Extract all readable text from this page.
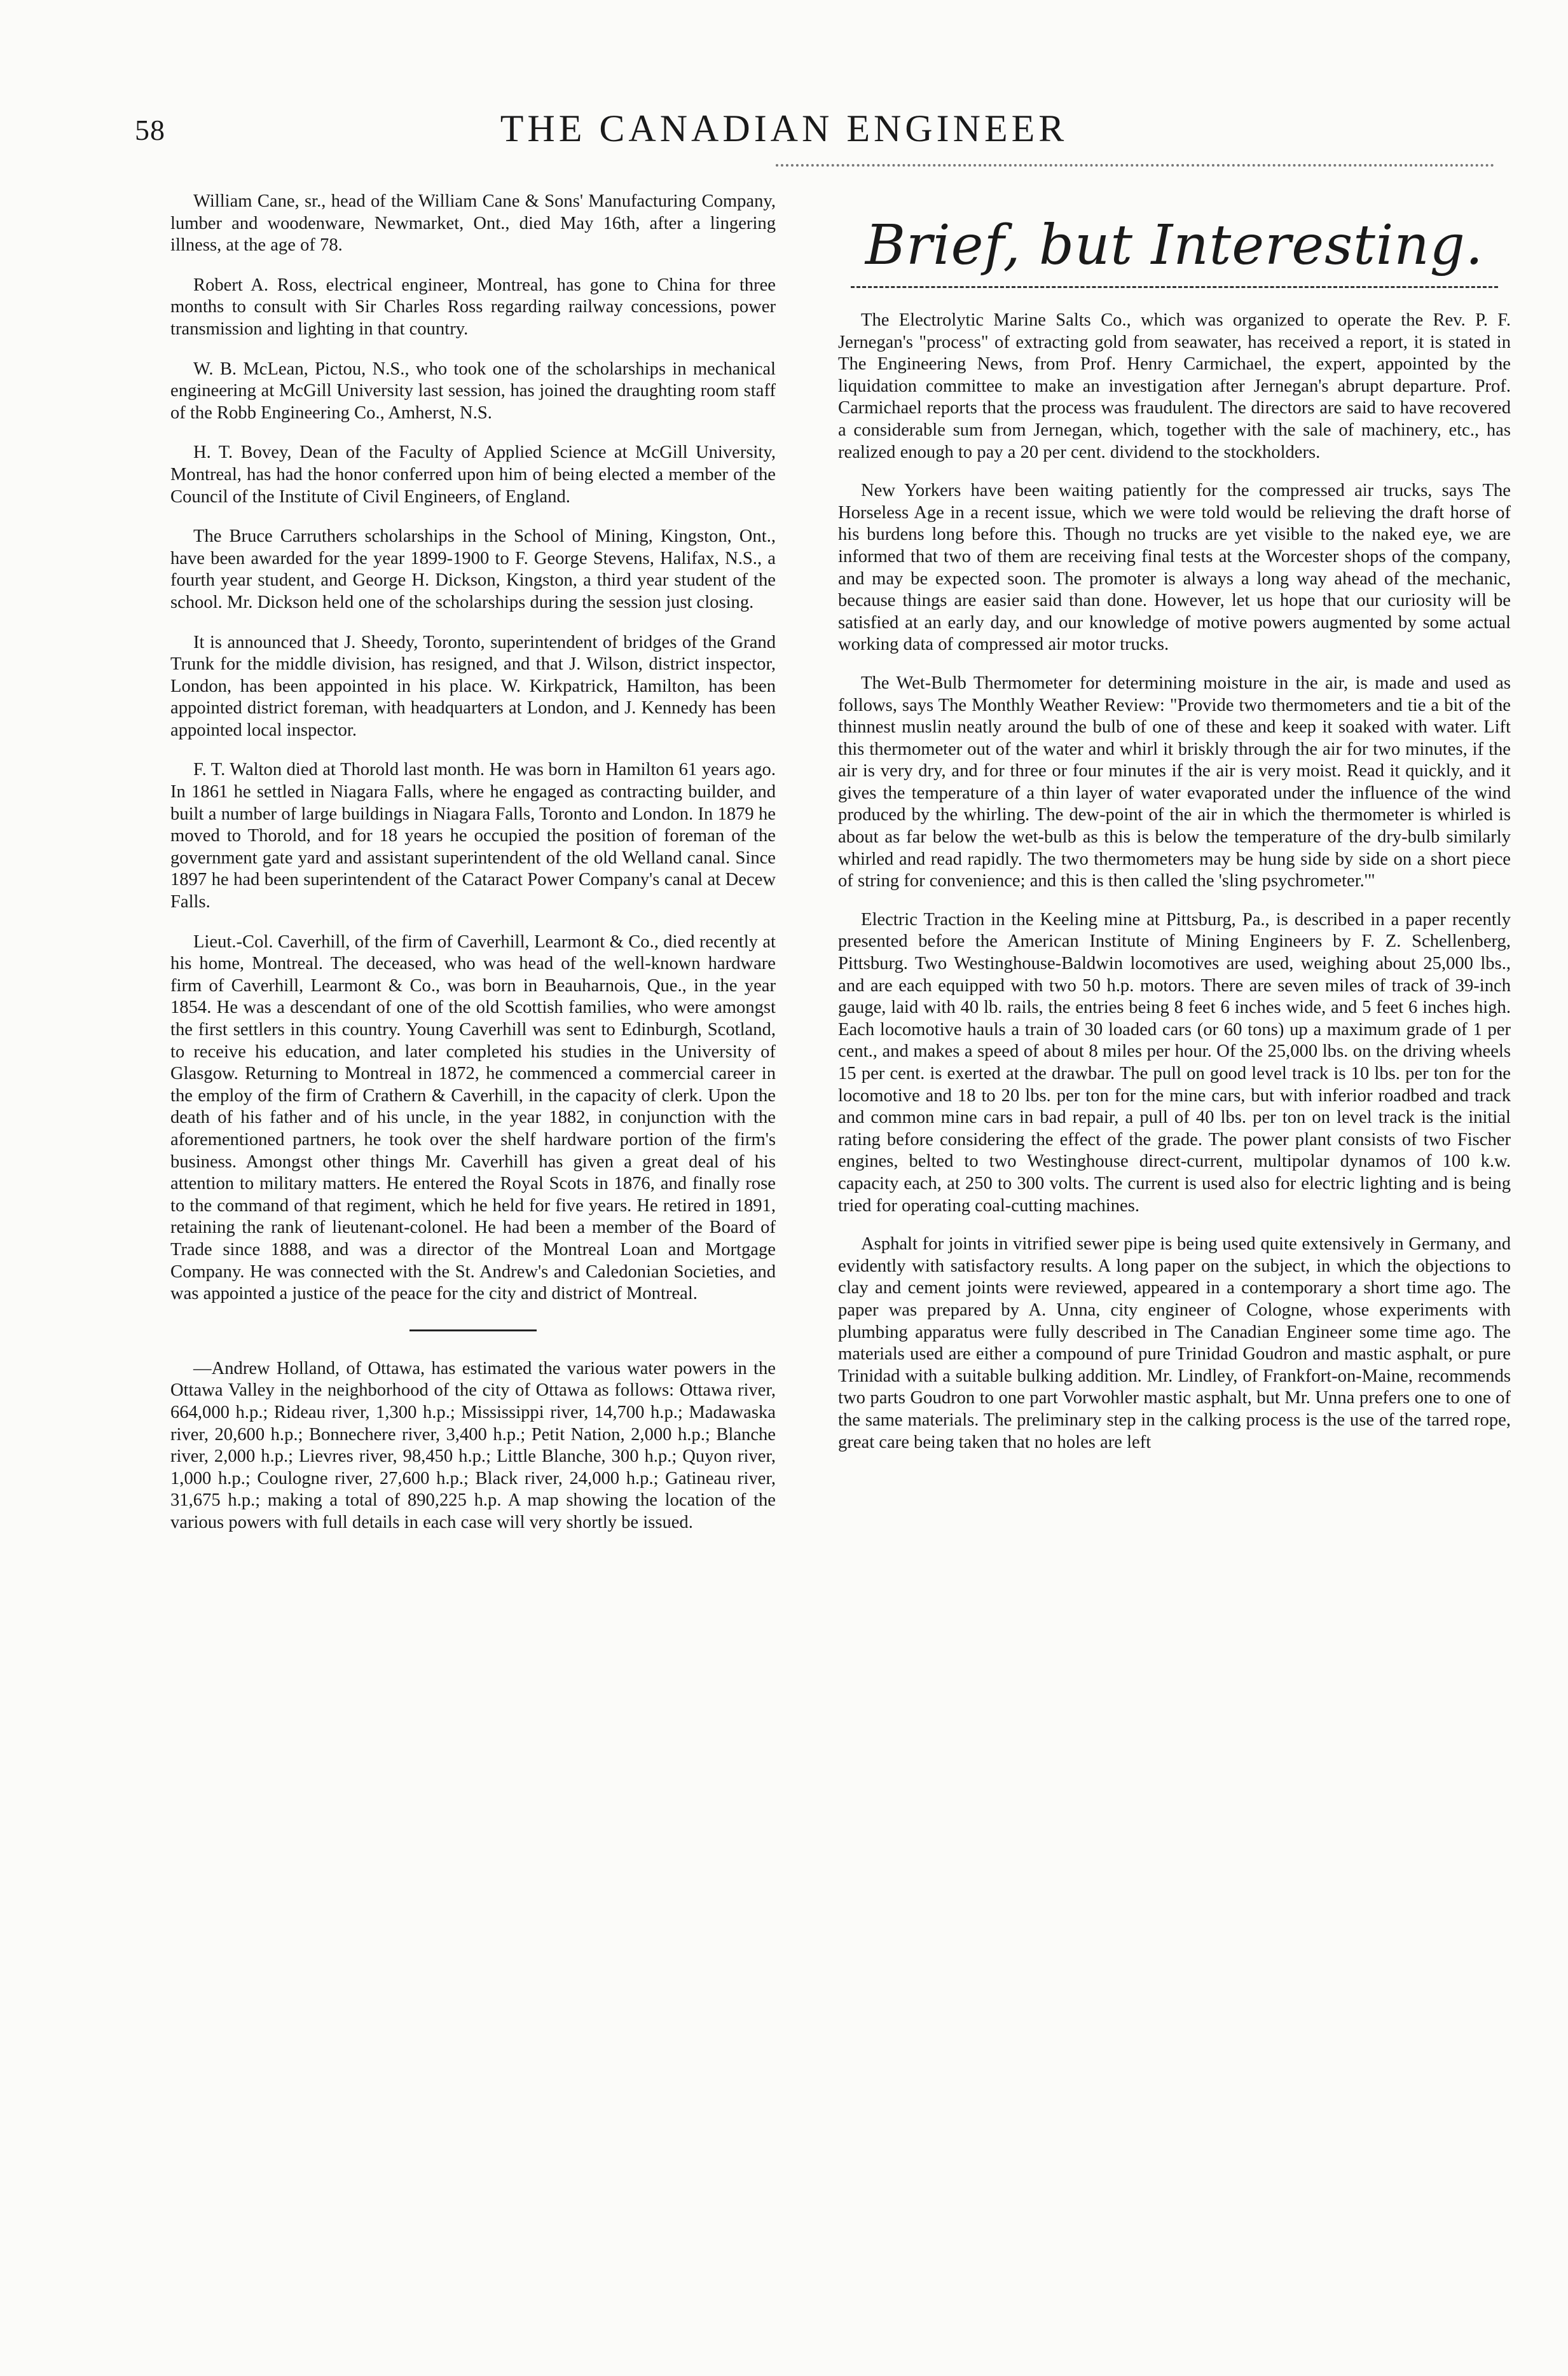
58	THE CANADIAN ENGINEER

William Cane, sr., head of the William Cane & Sons' Manufacturing Company, lumber and woodenware, Newmarket, Ont., died May 16th, after a lingering illness, at the age of 78.

Robert A. Ross, electrical engineer, Montreal, has gone to China for three months to consult with Sir Charles Ross regarding railway concessions, power transmission and lighting in that country.

W. B. McLean, Pictou, N.S., who took one of the scholarships in mechanical engineering at McGill University last session, has joined the draughting room staff of the Robb Engineering Co., Amherst, N.S.

H. T. Bovey, Dean of the Faculty of Applied Science at McGill University, Montreal, has had the honor conferred upon him of being elected a member of the Council of the Institute of Civil Engineers, of England.

The Bruce Carruthers scholarships in the School of Mining, Kingston, Ont., have been awarded for the year 1899-1900 to F. George Stevens, Halifax, N.S., a fourth year student, and George H. Dickson, Kingston, a third year student of the school. Mr. Dickson held one of the scholarships during the session just closing.

It is announced that J. Sheedy, Toronto, superintendent of bridges of the Grand Trunk for the middle division, has resigned, and that J. Wilson, district inspector, London, has been appointed in his place. W. Kirkpatrick, Hamilton, has been appointed district foreman, with headquarters at London, and J. Kennedy has been appointed local inspector.

F. T. Walton died at Thorold last month. He was born in Hamilton 61 years ago. In 1861 he settled in Niagara Falls, where he engaged as contracting builder, and built a number of large buildings in Niagara Falls, Toronto and London. In 1879 he moved to Thorold, and for 18 years he occupied the position of foreman of the government gate yard and assistant superintendent of the old Welland canal. Since 1897 he had been superintendent of the Cataract Power Company's canal at Decew Falls.

Lieut.-Col. Caverhill, of the firm of Caverhill, Learmont & Co., died recently at his home, Montreal. The deceased, who was head of the well-known hardware firm of Caverhill, Learmont & Co., was born in Beauharnois, Que., in the year 1854. He was a descendant of one of the old Scottish families, who were amongst the first settlers in this country. Young Caverhill was sent to Edinburgh, Scotland, to receive his education, and later completed his studies in the University of Glasgow. Returning to Montreal in 1872, he commenced a commercial career in the employ of the firm of Crathern & Caverhill, in the capacity of clerk. Upon the death of his father and of his uncle, in the year 1882, in conjunction with the aforementioned partners, he took over the shelf hardware portion of the firm's business. Amongst other things Mr. Caverhill has given a great deal of his attention to military matters. He entered the Royal Scots in 1876, and finally rose to the command of that regiment, which he held for five years. He retired in 1891, retaining the rank of lieutenant-colonel. He had been a member of the Board of Trade since 1888, and was a director of the Montreal Loan and Mortgage Company. He was connected with the St. Andrew's and Caledonian Societies, and was appointed a justice of the peace for the city and district of Montreal.

—Andrew Holland, of Ottawa, has estimated the various water powers in the Ottawa Valley in the neighborhood of the city of Ottawa as follows: Ottawa river, 664,000 h.p.; Rideau river, 1,300 h.p.; Mississippi river, 14,700 h.p.; Madawaska river, 20,600 h.p.; Bonnechere river, 3,400 h.p.; Petit Nation, 2,000 h.p.; Blanche river, 2,000 h.p.; Lievres river, 98,450 h.p.; Little Blanche, 300 h.p.; Quyon river, 1,000 h.p.; Coulogne river, 27,600 h.p.; Black river, 24,000 h.p.; Gatineau river, 31,675 h.p.; making a total of 890,225 h.p. A map showing the location of the various powers with full details in each case will very shortly be issued.

Brief, but Interesting.

The Electrolytic Marine Salts Co., which was organized to operate the Rev. P. F. Jernegan's "process" of extracting gold from seawater, has received a report, it is stated in The Engineering News, from Prof. Henry Carmichael, the expert, appointed by the liquidation committee to make an investigation after Jernegan's abrupt departure. Prof. Carmichael reports that the process was fraudulent. The directors are said to have recovered a considerable sum from Jernegan, which, together with the sale of machinery, etc., has realized enough to pay a 20 per cent. dividend to the stockholders.

New Yorkers have been waiting patiently for the compressed air trucks, says The Horseless Age in a recent issue, which we were told would be relieving the draft horse of his burdens long before this. Though no trucks are yet visible to the naked eye, we are informed that two of them are receiving final tests at the Worcester shops of the company, and may be expected soon. The promoter is always a long way ahead of the mechanic, because things are easier said than done. However, let us hope that our curiosity will be satisfied at an early day, and our knowledge of motive powers augmented by some actual working data of compressed air motor trucks.

The Wet-Bulb Thermometer for determining moisture in the air, is made and used as follows, says The Monthly Weather Review: "Provide two thermometers and tie a bit of the thinnest muslin neatly around the bulb of one of these and keep it soaked with water. Lift this thermometer out of the water and whirl it briskly through the air for two minutes, if the air is very dry, and for three or four minutes if the air is very moist. Read it quickly, and it gives the temperature of a thin layer of water evaporated under the influence of the wind produced by the whirling. The dew-point of the air in which the thermometer is whirled is about as far below the wet-bulb as this is below the temperature of the dry-bulb similarly whirled and read rapidly. The two thermometers may be hung side by side on a short piece of string for convenience; and this is then called the 'sling psychrometer.'"

Electric Traction in the Keeling mine at Pittsburg, Pa., is described in a paper recently presented before the American Institute of Mining Engineers by F. Z. Schellenberg, Pittsburg. Two Westinghouse-Baldwin locomotives are used, weighing about 25,000 lbs., and are each equipped with two 50 h.p. motors. There are seven miles of track of 39-inch gauge, laid with 40 lb. rails, the entries being 8 feet 6 inches wide, and 5 feet 6 inches high. Each locomotive hauls a train of 30 loaded cars (or 60 tons) up a maximum grade of 1 per cent., and makes a speed of about 8 miles per hour. Of the 25,000 lbs. on the driving wheels 15 per cent. is exerted at the drawbar. The pull on good level track is 10 lbs. per ton for the locomotive and 18 to 20 lbs. per ton for the mine cars, but with inferior roadbed and track and common mine cars in bad repair, a pull of 40 lbs. per ton on level track is the initial rating before considering the effect of the grade. The power plant consists of two Fischer engines, belted to two Westinghouse direct-current, multipolar dynamos of 100 k.w. capacity each, at 250 to 300 volts. The current is used also for electric lighting and is being tried for operating coal-cutting machines.

Asphalt for joints in vitrified sewer pipe is being used quite extensively in Germany, and evidently with satisfactory results. A long paper on the subject, in which the objections to clay and cement joints were reviewed, appeared in a contemporary a short time ago. The paper was prepared by A. Unna, city engineer of Cologne, whose experiments with plumbing apparatus were fully described in The Canadian Engineer some time ago. The materials used are either a compound of pure Trinidad Goudron and mastic asphalt, or pure Trinidad with a suitable bulking addition. Mr. Lindley, of Frankfort-on-Maine, recommends two parts Goudron to one part Vorwohler mastic asphalt, but Mr. Unna prefers one to one of the same materials. The preliminary step in the calking process is the use of the tarred rope, great care being taken that no holes are left
